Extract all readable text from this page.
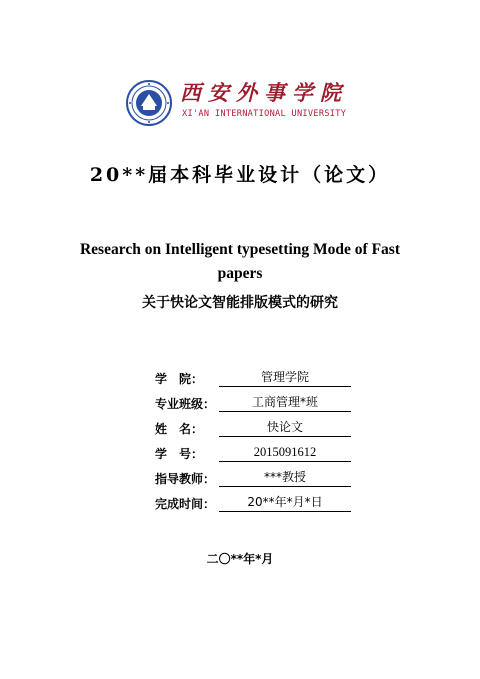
西安外事学院
XI'AN INTERNATIONAL UNIVERSITY
20**届本科毕业设计（论文）
Research on Intelligent typesetting Mode of Fast papers
关于快论文智能排版模式的研究
学　院：	管理学院
专业班级：	工商管理*班
姓　名：	快论文
学　号：	2015091612
指导教师：	***教授
完成时间：	20**年*月*日
二〇**年*月
